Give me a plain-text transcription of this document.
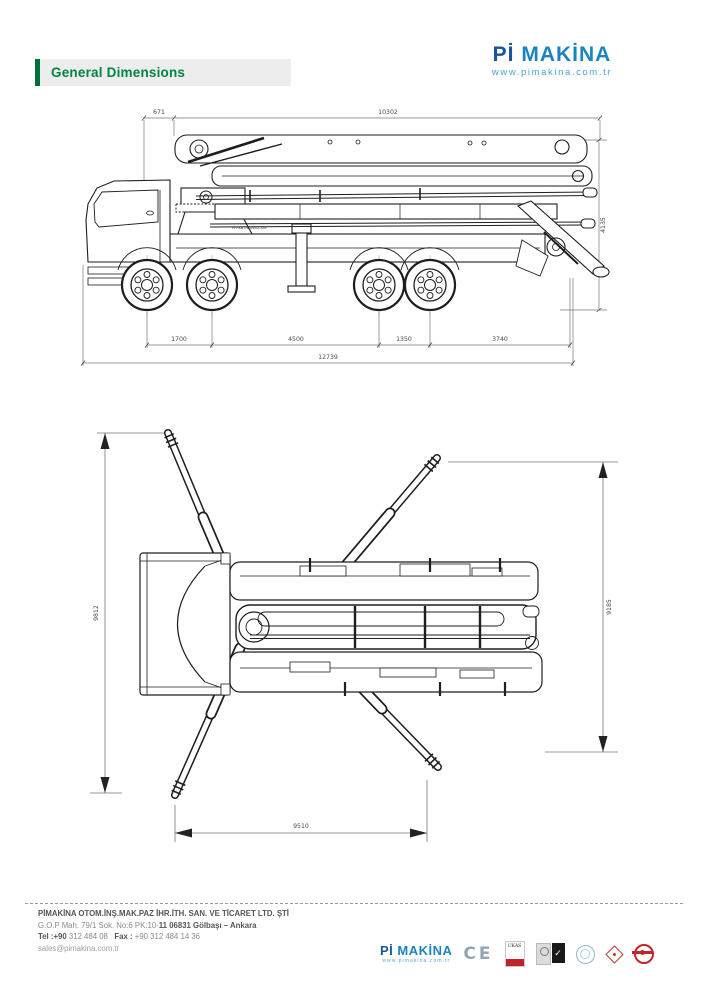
General Dimensions
Pİ MAKİNA
www.pimakina.com.tr
671	10302
4135
Pİ PK8 06 0402-4SF
1700	4500	1350	3740
12739
9812	9185
9510
PİMAKİNA OTOM.İNŞ.MAK.PAZ İHR.İTH. SAN. VE TİCARET LTD. ŞTİ
G.O.P Mah. 79/1 Sok. No:6 PK:10-11 06831 Gölbaşı – Ankara
Tel :+90 312 484 08 Fax : +90 312 484 14 36
sales@pimakina.com.tr	Pİ MAKİNA
www.pimakina.com.tr CE	UKAS
✓
